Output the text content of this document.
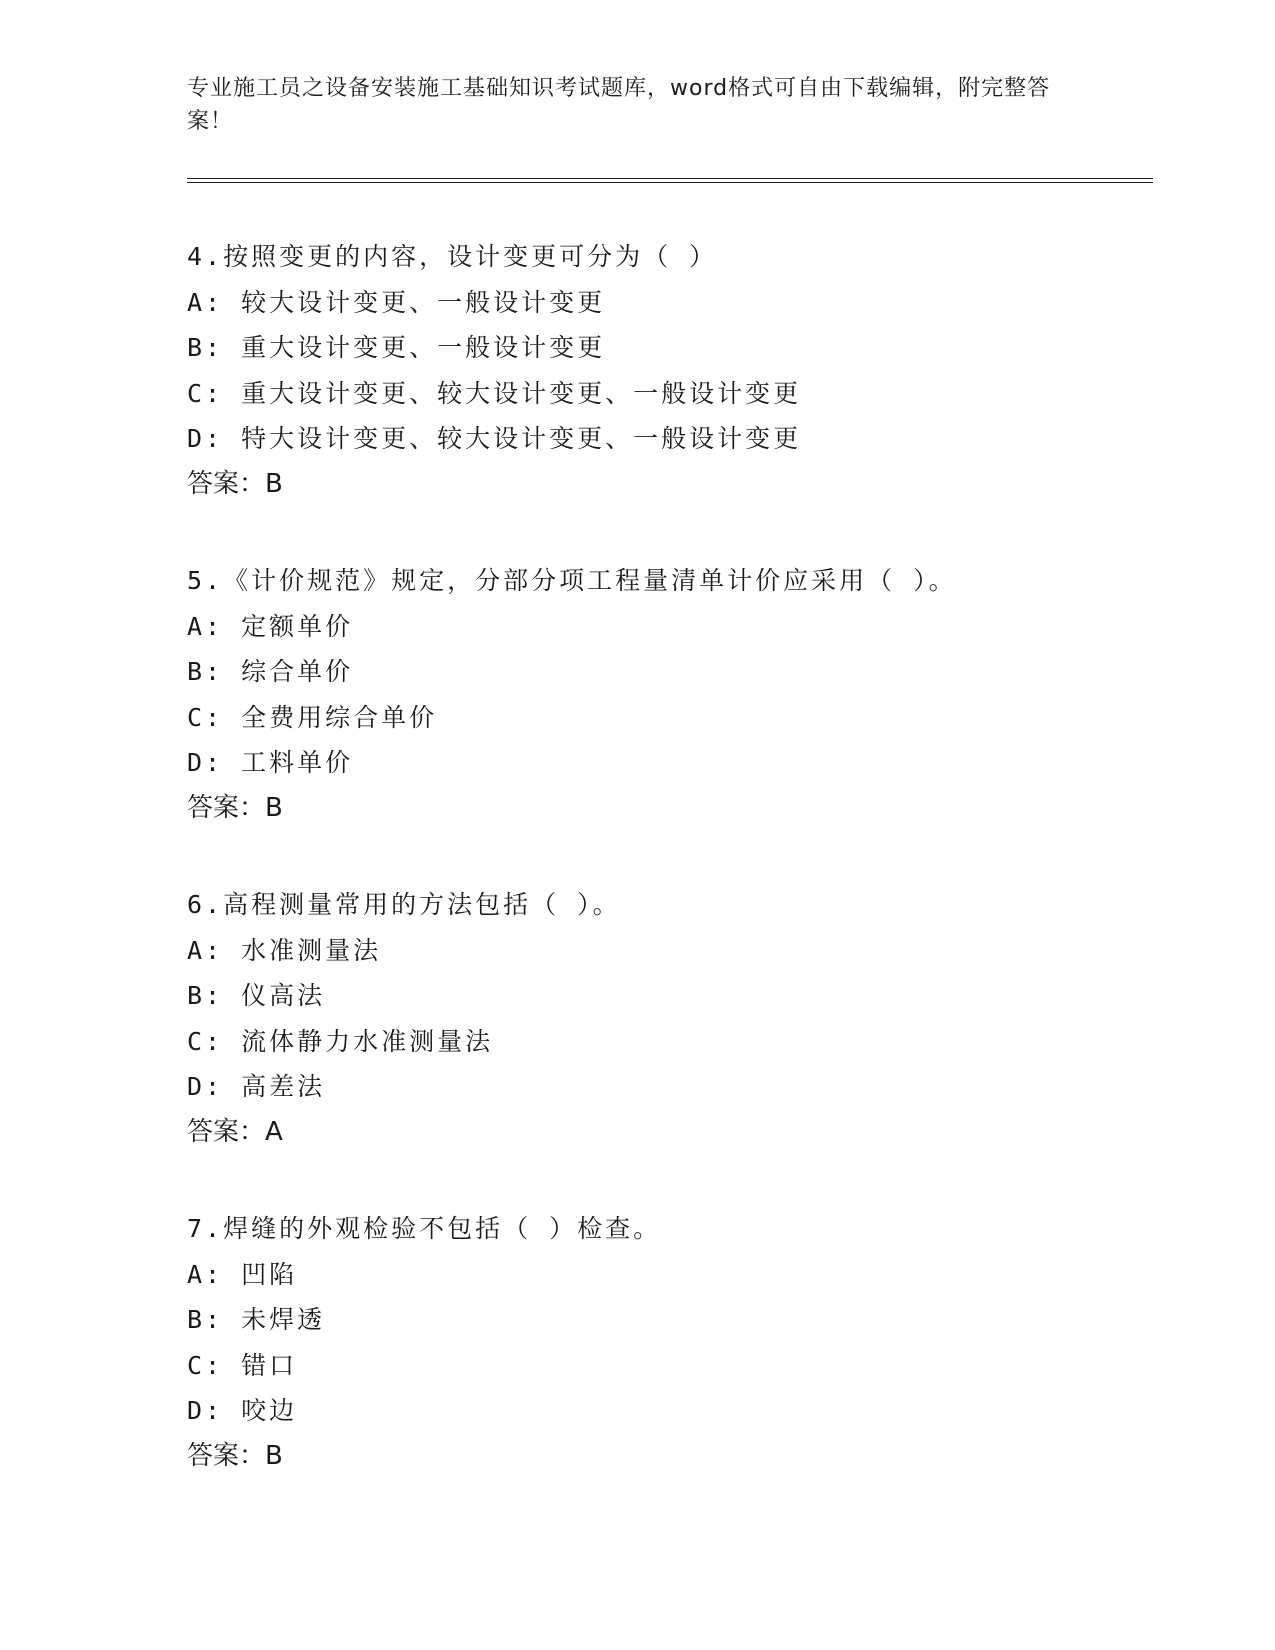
专业施工员之设备安装施工基础知识考试题库，word格式可自由下载编辑，附完整答案！
4.按照变更的内容，设计变更可分为（ ）
A: 较大设计变更、一般设计变更
B: 重大设计变更、一般设计变更
C: 重大设计变更、较大设计变更、一般设计变更
D: 特大设计变更、较大设计变更、一般设计变更
答案：B
5.《计价规范》规定，分部分项工程量清单计价应采用（ ）。
A: 定额单价
B: 综合单价
C: 全费用综合单价
D: 工料单价
答案：B
6.高程测量常用的方法包括（ ）。
A: 水准测量法
B: 仪高法
C: 流体静力水准测量法
D: 高差法
答案：A
7.焊缝的外观检验不包括（ ）检查。
A: 凹陷
B: 未焊透
C: 错口
D: 咬边
答案：B
